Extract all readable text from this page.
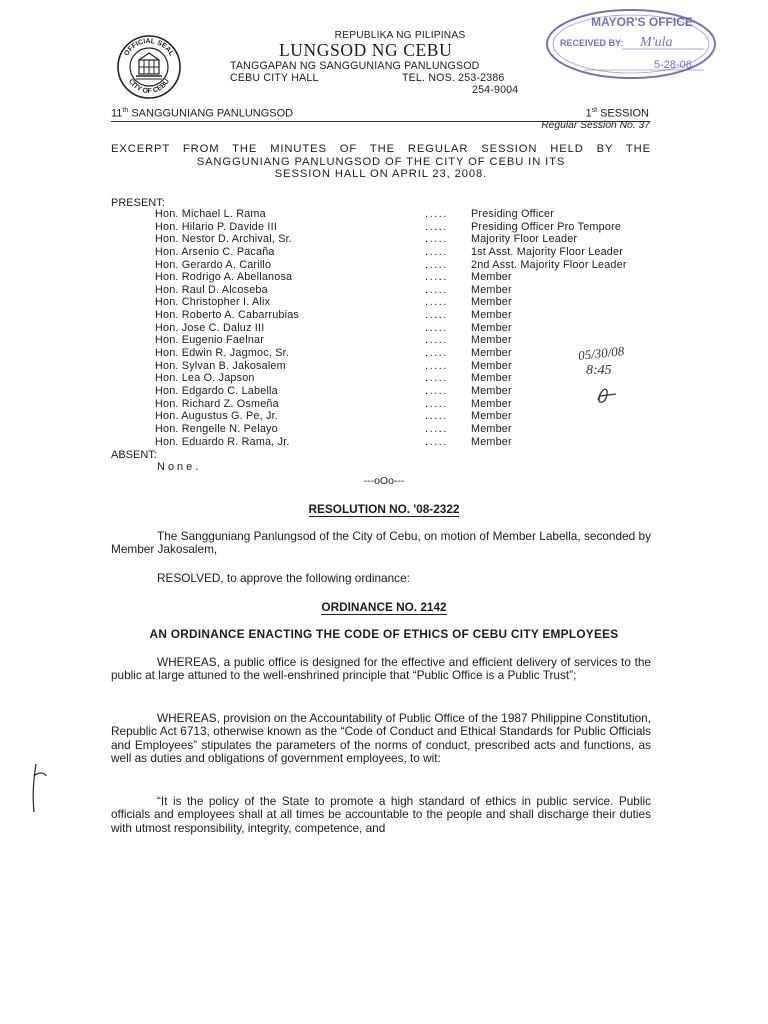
OFFICIAL SEAL
CITY OF CEBU
REPUBLIKA NG PILIPINAS
LUNGSOD NG CEBU
TANGGAPAN NG SANGGUNIANG PANLUNGSOD
CEBU CITY HALL	TEL. NOS. 253-2386
254-9004
MAYOR'S OFFICE
RECEIVED BY: M'ula
5-28-08
11th SANGGUNIANG PANLUNGSOD	1st SESSION
Regular Session No. 37
EXCERPT FROM THE MINUTES OF THE REGULAR SESSION HELD BY THE
SANGGUNIANG PANLUNGSOD OF THE CITY OF CEBU IN ITS
SESSION HALL ON APRIL 23, 2008.
PRESENT:
Hon. Michael L. Rama	.....	Presiding Officer
Hon. Hilario P. Davide III	.....	Presiding Officer Pro Tempore
Hon. Nestor D. Archival, Sr.	.....	Majority Floor Leader
Hon. Arsenio C. Pacaña	.....	1st Asst. Majority Floor Leader
Hon. Gerardo A. Carillo	.....	2nd Asst. Majority Floor Leader
Hon. Rodrigo A. Abellanosa	.....	Member
Hon. Raul D. Alcoseba	.....	Member
Hon. Christopher I. Alix	.....	Member
Hon. Roberto A. Cabarrubias	.....	Member
Hon. Jose C. Daluz III	.....	Member
Hon. Eugenio Faelnar	.....	Member
Hon. Edwin R. Jagmoc, Sr.	.....	Member
Hon. Sylvan B. Jakosalem	.....	Member
Hon. Lea O. Japson	.....	Member
Hon. Edgardo C. Labella	.....	Member
Hon. Richard Z. Osmeña	.....	Member
Hon. Augustus G. Pe, Jr.	.....	Member
Hon. Rengelle N. Pelayo	.....	Member
Hon. Eduardo R. Rama, Jr.	.....	Member
ABSENT:
None.
---oOo---
RESOLUTION NO. '08-2322
The Sangguniang Panlungsod of the City of Cebu, on motion of Member Labella, seconded by Member Jakosalem,
RESOLVED, to approve the following ordinance:
ORDINANCE NO. 2142
AN ORDINANCE ENACTING THE CODE OF ETHICS OF CEBU CITY EMPLOYEES
WHEREAS, a public office is designed for the effective and efficient delivery of services to the public at large attuned to the well-enshrined principle that “Public Office is a Public Trust”;
WHEREAS, provision on the Accountability of Public Office of the 1987 Philippine Constitution, Republic Act 6713, otherwise known as the “Code of Conduct and Ethical Standards for Public Officials and Employees” stipulates the parameters of the norms of conduct, prescribed acts and functions, as well as duties and obligations of government employees, to wit:
“It is the policy of the State to promote a high standard of ethics in public service. Public officials and employees shall at all times be accountable to the people and shall discharge their duties with utmost responsibility, integrity, competence, and
05/30/08
8:45
